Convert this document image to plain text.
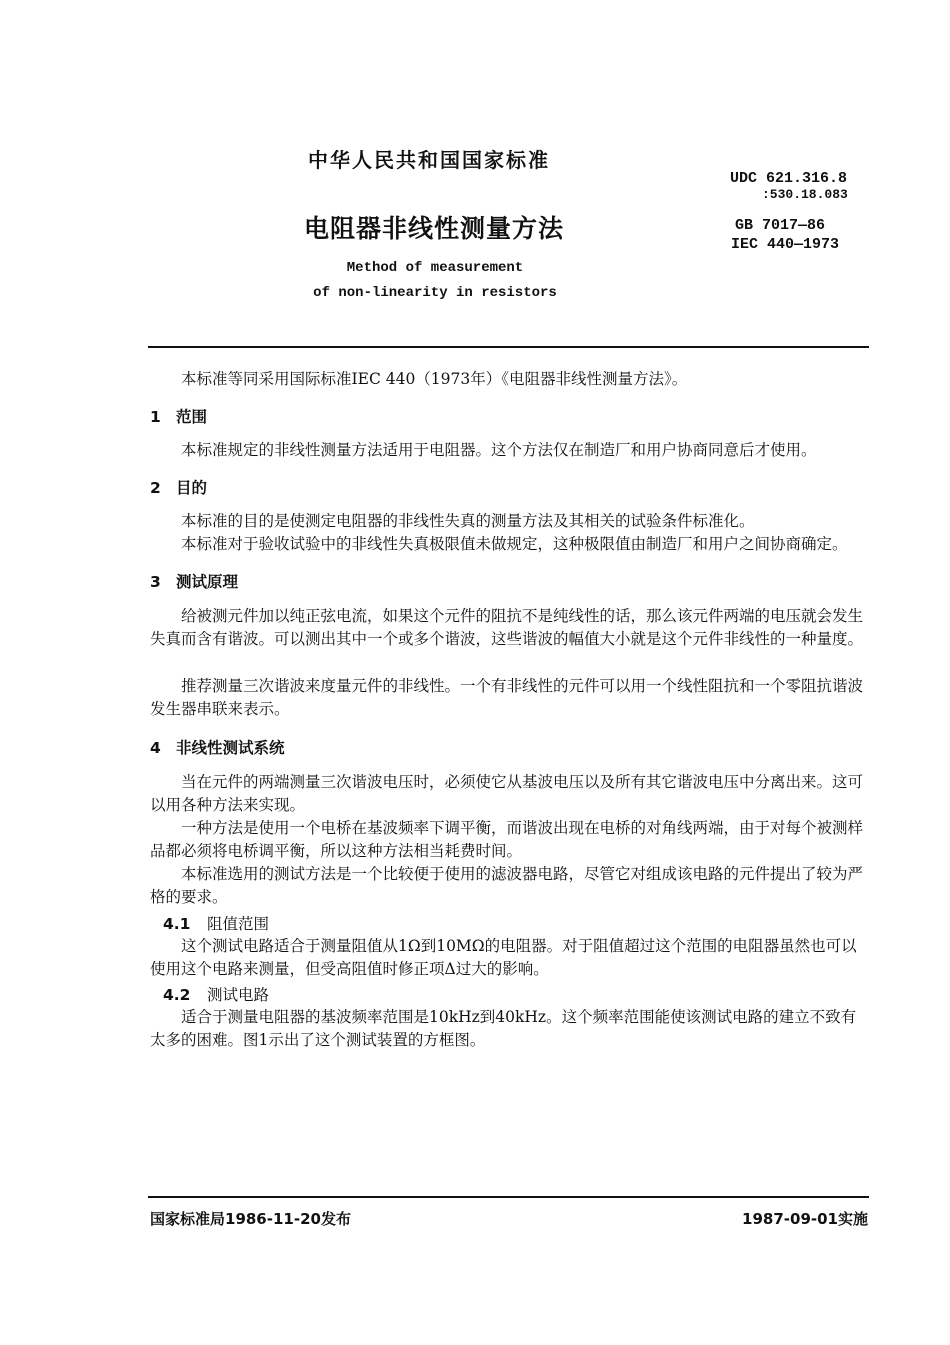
中华人民共和国国家标准
电阻器非线性测量方法
Method of measurement
of non-linearity in resistors
UDC 621.316.8
:530.18.083
GB 7017—86
IEC 440—1973
本标准等同采用国际标准IEC 440（1973年）《电阻器非线性测量方法》。
1 范围
本标准规定的非线性测量方法适用于电阻器。这个方法仅在制造厂和用户协商同意后才使用。
2 目的
本标准的目的是使测定电阻器的非线性失真的测量方法及其相关的试验条件标准化。
本标准对于验收试验中的非线性失真极限值未做规定，这种极限值由制造厂和用户之间协商确定。
3 测试原理
给被测元件加以纯正弦电流，如果这个元件的阻抗不是纯线性的话，那么该元件两端的电压就会发生失真而含有谐波。可以测出其中一个或多个谐波，这些谐波的幅值大小就是这个元件非线性的一种量度。
推荐测量三次谐波来度量元件的非线性。一个有非线性的元件可以用一个线性阻抗和一个零阻抗谐波发生器串联来表示。
4 非线性测试系统
当在元件的两端测量三次谐波电压时，必须使它从基波电压以及所有其它谐波电压中分离出来。这可以用各种方法来实现。
一种方法是使用一个电桥在基波频率下调平衡，而谐波出现在电桥的对角线两端，由于对每个被测样品都必须将电桥调平衡，所以这种方法相当耗费时间。
本标准选用的测试方法是一个比较便于使用的滤波器电路，尽管它对组成该电路的元件提出了较为严格的要求。
4.1 阻值范围
这个测试电路适合于测量阻值从1Ω到10MΩ的电阻器。对于阻值超过这个范围的电阻器虽然也可以使用这个电路来测量，但受高阻值时修正项Δ过大的影响。
4.2 测试电路
适合于测量电阻器的基波频率范围是10kHz到40kHz。这个频率范围能使该测试电路的建立不致有太多的困难。图1示出了这个测试装置的方框图。
国家标准局1986-11-20发布	1987-09-01实施
